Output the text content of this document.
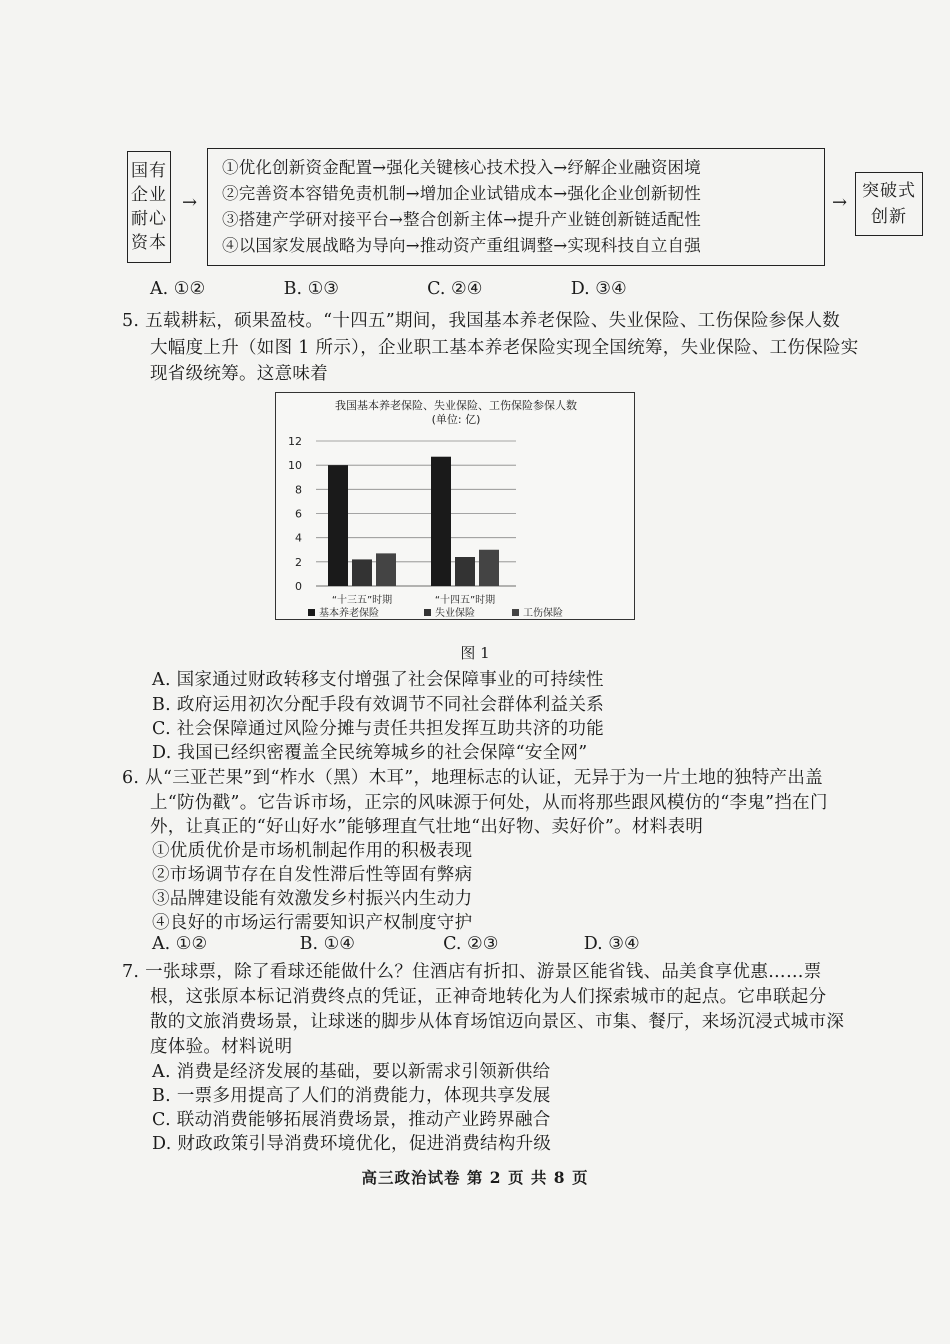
国有
企业
耐心
资本
→
①优化创新资金配置→强化关键核心技术投入→纾解企业融资困境
②完善资本容错免责机制→增加企业试错成本→强化企业创新韧性
③搭建产学研对接平台→整合创新主体→提升产业链创新链适配性
④以国家发展战略为导向→推动资产重组调整→实现科技自立自强
→
突破式
创新
A. ①②	B. ①③	C. ②④	D. ③④
5. 五载耕耘，硕果盈枝。“十四五”期间，我国基本养老保险、失业保险、工伤保险参保人数
大幅度上升（如图 1 所示），企业职工基本养老保险实现全国统筹，失业保险、工伤保险实
现省级统筹。这意味着
我国基本养老保险、失业保险、工伤保险参保人数
(单位: 亿)
0
2
4
6
8
10
12
“十三五”时期	“十四五”时期
基本养老保险	失业保险	工伤保险
图 1
A. 国家通过财政转移支付增强了社会保障事业的可持续性
B. 政府运用初次分配手段有效调节不同社会群体利益关系
C. 社会保障通过风险分摊与责任共担发挥互助共济的功能
D. 我国已经织密覆盖全民统筹城乡的社会保障“安全网”
6. 从“三亚芒果”到“柞水（黑）木耳”，地理标志的认证，无异于为一片土地的独特产出盖
上“防伪戳”。它告诉市场，正宗的风味源于何处，从而将那些跟风模仿的“李鬼”挡在门
外，让真正的“好山好水”能够理直气壮地“出好物、卖好价”。材料表明
①优质优价是市场机制起作用的积极表现
②市场调节存在自发性滞后性等固有弊病
③品牌建设能有效激发乡村振兴内生动力
④良好的市场运行需要知识产权制度守护
A. ①②	B. ①④	C. ②③	D. ③④
7. 一张球票，除了看球还能做什么？住酒店有折扣、游景区能省钱、品美食享优惠……票
根，这张原本标记消费终点的凭证，正神奇地转化为人们探索城市的起点。它串联起分
散的文旅消费场景，让球迷的脚步从体育场馆迈向景区、市集、餐厅，来场沉浸式城市深
度体验。材料说明
A. 消费是经济发展的基础，要以新需求引领新供给
B. 一票多用提高了人们的消费能力，体现共享发展
C. 联动消费能够拓展消费场景，推动产业跨界融合
D. 财政政策引导消费环境优化，促进消费结构升级
高三政治试卷 第 2 页 共 8 页
